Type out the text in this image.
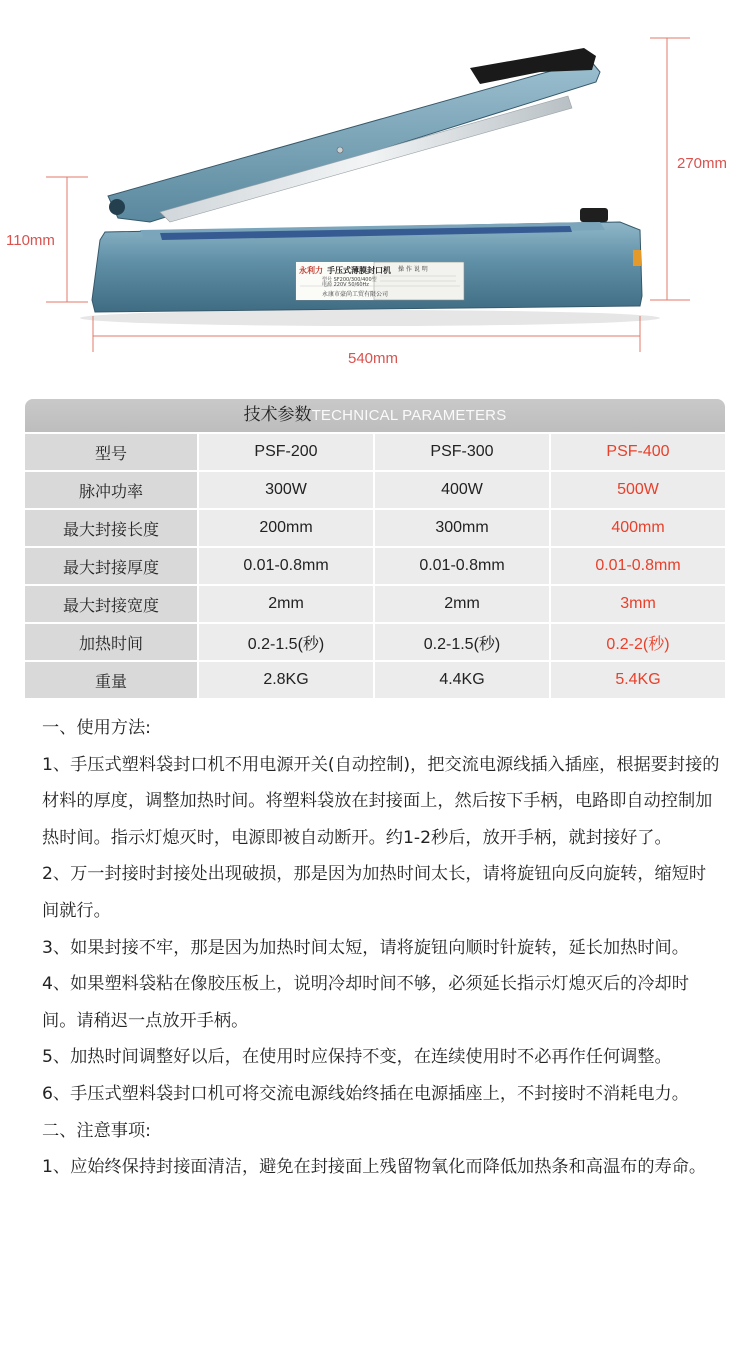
永利力 手压式薄膜封口机
型号 SF200/300/400型
电源 220V 50/60Hz
操 作 说 明
永康市豪尚工贸有限公司
270mm
110mm
540mm
技术参数TECHNICAL PARAMETERS
型号	PSF-200	PSF-300	PSF-400
脉冲功率	300W	400W	500W
最大封接长度	200mm	300mm	400mm
最大封接厚度	0.01-0.8mm	0.01-0.8mm	0.01-0.8mm
最大封接宽度	2mm	2mm	3mm
加热时间	0.2-1.5(秒)	0.2-1.5(秒)	0.2-2(秒)
重量	2.8KG	4.4KG	5.4KG

一、使用方法:

1、手压式塑料袋封口机不用电源开关(自动控制)，把交流电源线插入插座，根据要封接的材料的厚度，调整加热时间。将塑料袋放在封接面上，然后按下手柄，电路即自动控制加热时间。指示灯熄灭时，电源即被自动断开。约1-2秒后，放开手柄，就封接好了。

2、万一封接时封接处出现破损，那是因为加热时间太长，请将旋钮向反向旋转，缩短时间就行。

3、如果封接不牢，那是因为加热时间太短，请将旋钮向顺时针旋转，延长加热时间。

4、如果塑料袋粘在像胶压板上，说明冷却时间不够，必须延长指示灯熄灭后的冷却时间。请稍迟一点放开手柄。

5、加热时间调整好以后，在使用时应保持不变，在连续使用时不必再作任何调整。

6、手压式塑料袋封口机可将交流电源线始终插在电源插座上，不封接时不消耗电力。

二、注意事项:

1、应始终保持封接面清洁，避免在封接面上残留物氧化而降低加热条和高温布的寿命。
